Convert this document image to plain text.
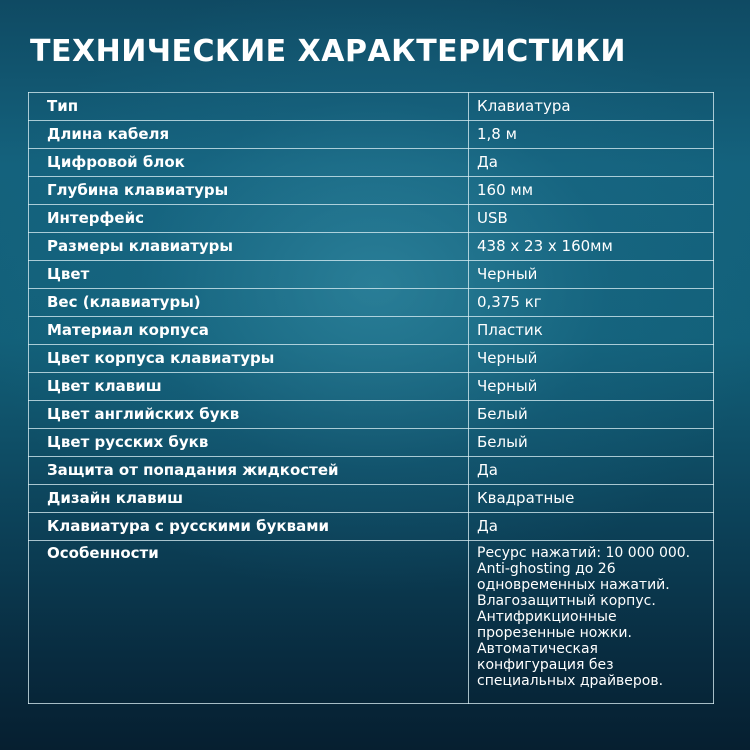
ТЕХНИЧЕСКИЕ ХАРАКТЕРИСТИКИ
Тип	Клавиатура
Длина кабеля	1,8 м
Цифровой блок	Да
Глубина клавиатуры	160 мм
Интерфейс	USB
Размеры клавиатуры	438 х 23 х 160мм
Цвет	Черный
Вес (клавиатуры)	0,375 кг
Материал корпуса	Пластик
Цвет корпуса клавиатуры	Черный
Цвет клавиш	Черный
Цвет английских букв	Белый
Цвет русских букв	Белый
Защита от попадания жидкостей	Да
Дизайн клавиш	Квадратные
Клавиатура с русскими буквами	Да
Особенности	Ресурс нажатий: 10 000 000. Anti-ghosting до 26 одновременных нажатий. Влагозащитный корпус. Антифрикционные прорезенные ножки. Автоматическая конфигурация без специальных драйверов.
